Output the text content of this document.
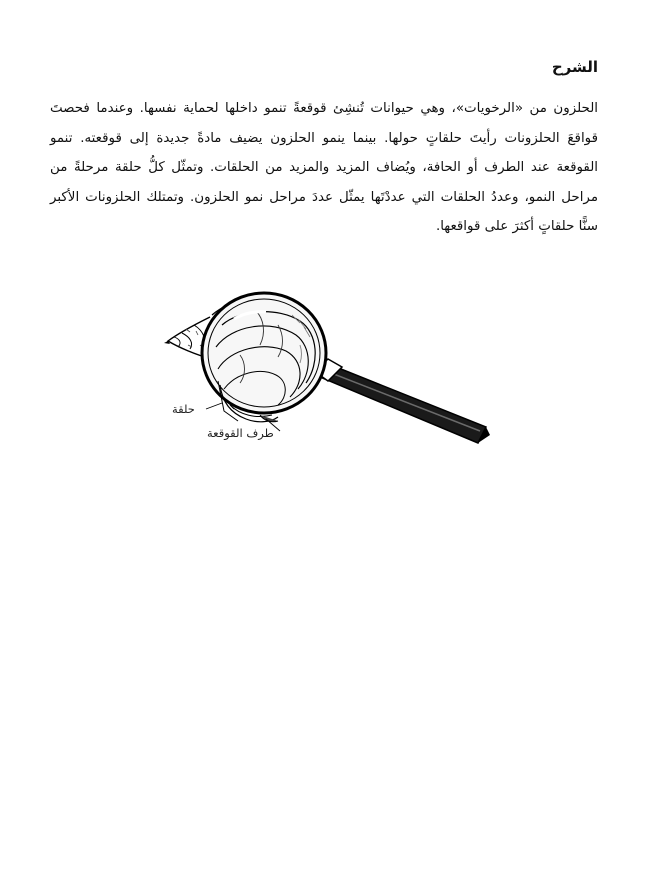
الشرح

الحلزون من «الرخويات»، وهي حيوانات تُنشِئ قوقعةً تنمو داخلها لحماية نفسها. وعندما فحصتَ قواقعَ الحلزونات رأيتَ حلقاتٍ حولها. بينما ينمو الحلزون يضيف مادةً جديدة إلى قوقعته. تنمو القوقعة عند الطرف أو الحافة، ويُضاف المزيد والمزيد من الحلقات. وتمثّل كلُّ حلقة مرحلةً من مراحل النمو، وعددُ الحلقات التي عددْتَها يمثّل عددَ مراحل نمو الحلزون. وتمتلك الحلزونات الأكبر سنًّا حلقاتٍ أكثرَ على قواقعها.

حلقة
طرف القوقعة
